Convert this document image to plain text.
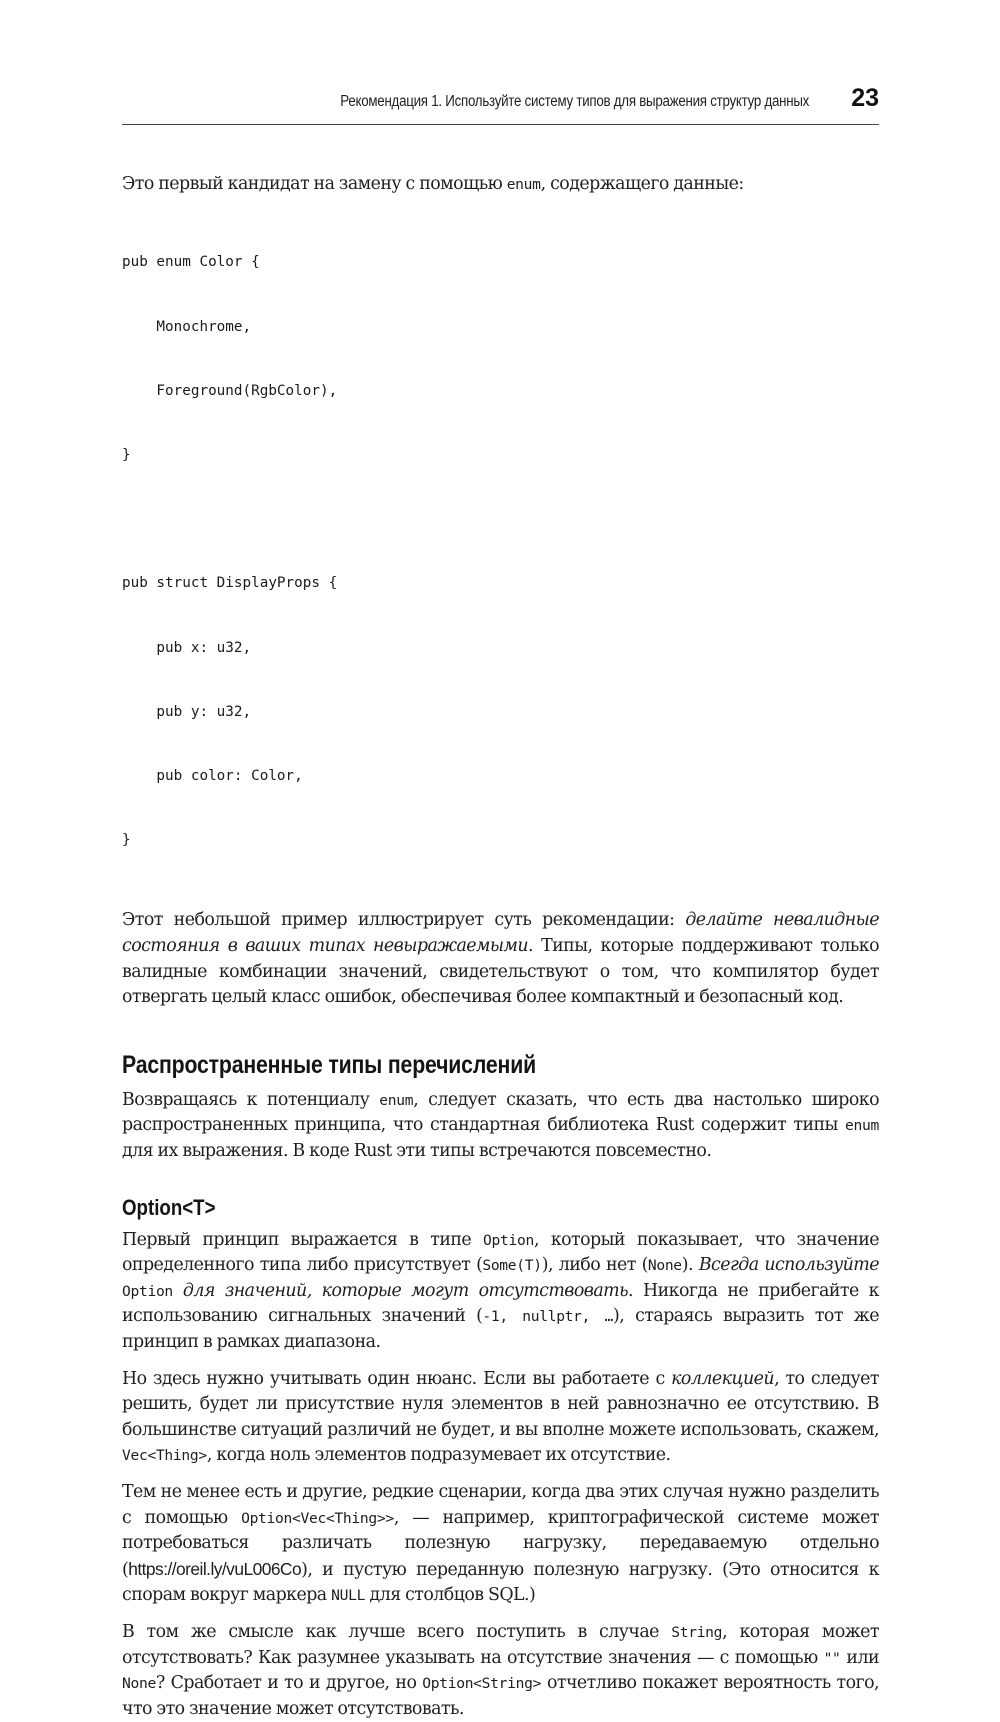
Рекомендация 1. Используйте систему типов для выражения структур данных 23

Это первый кандидат на замену с помощью enum, содержащего данные:

pub enum Color {

Monochrome,

Foreground(RgbColor),

}

pub struct DisplayProps {

pub x: u32,

pub y: u32,

pub color: Color,

}

Этот небольшой пример иллюстрирует суть рекомендации: делайте невалидные состояния в ваших типах невыражаемыми. Типы, которые поддерживают только валидные комбинации значений, свидетельствуют о том, что компилятор будет отвергать целый класс ошибок, обеспечивая более компактный и безопасный код.

Распространенные типы перечислений

Возвращаясь к потенциалу enum, следует сказать, что есть два настолько широко распространенных принципа, что стандартная библиотека Rust содержит типы enum для их выражения. В коде Rust эти типы встречаются повсеместно.

Option<T>

Первый принцип выражается в типе Option, который показывает, что значение определенного типа либо присутствует (Some(T)), либо нет (None). Всегда используйте Option для значений, которые могут отсутствовать. Никогда не прибегайте к использованию сигнальных значений (-1, nullptr, …), стараясь выразить тот же принцип в рамках диапазона.

Но здесь нужно учитывать один нюанс. Если вы работаете с коллекцией, то следует решить, будет ли присутствие нуля элементов в ней равнозначно ее отсутствию. В большинстве ситуаций различий не будет, и вы вполне можете использовать, скажем, Vec<Thing>, когда ноль элементов подразумевает их отсутствие.

Тем не менее есть и другие, редкие сценарии, когда два этих случая нужно разделить с помощью Option<Vec<Thing>>, — например, криптографической системе может потребоваться различать полезную нагрузку, передаваемую отдельно (https://oreil.ly/vuL006Co), и пустую переданную полезную нагрузку. (Это относится к спорам вокруг маркера NULL для столбцов SQL.)

В том же смысле как лучше всего поступить в случае String, которая может отсутствовать? Как разумнее указывать на отсутствие значения — с помощью "" или None? Сработает и то и другое, но Option<String> отчетливо покажет вероятность того, что это значение может отсутствовать.
